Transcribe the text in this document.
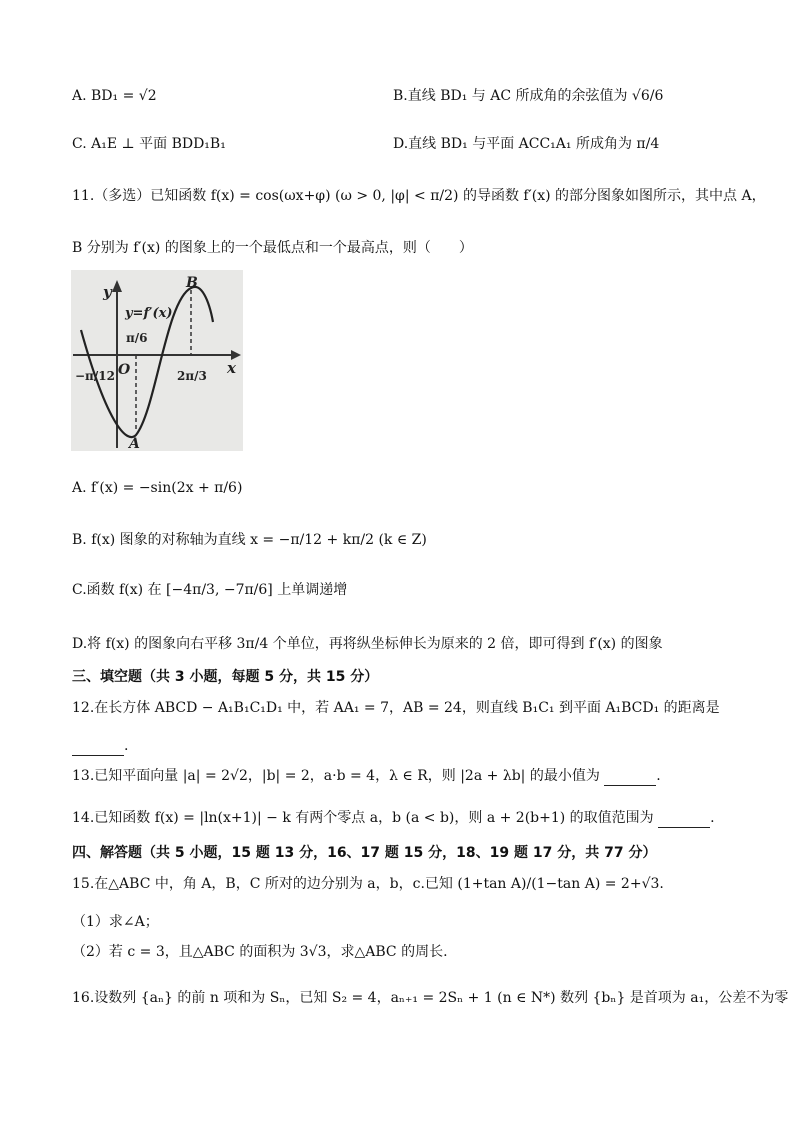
A. BD₁ = √2	B.直线 BD₁ 与 AC 所成角的余弦值为 √6/6
C. A₁E ⊥ 平面 BDD₁B₁	D.直线 BD₁ 与平面 ACC₁A₁ 所成角为 π/4
11.（多选）已知函数 f(x) = cos(ωx+φ) (ω > 0, |φ| < π/2) 的导函数 f′(x) 的部分图象如图所示，其中点 A，
B 分别为 f′(x) 的图象上的一个最低点和一个最高点，则（　　）
y
x
y=f′(x)
O
A
B
−π/12
π/6
2π/3
A. f′(x) = −sin(2x + π/6)
B. f(x) 图象的对称轴为直线 x = −π/12 + kπ/2 (k ∈ Z)
C.函数 f(x) 在 [−4π/3, −7π/6] 上单调递增
D.将 f(x) 的图象向右平移 3π/4 个单位，再将纵坐标伸长为原来的 2 倍，即可得到 f′(x) 的图象
三、填空题（共 3 小题，每题 5 分，共 15 分）
12.在长方体 ABCD − A₁B₁C₁D₁ 中，若 AA₁ = 7，AB = 24，则直线 B₁C₁ 到平面 A₁BCD₁ 的距离是
.
13.已知平面向量 |a| = 2√2，|b| = 2，a·b = 4，λ ∈ R，则 |2a + λb| 的最小值为	.
14.已知函数 f(x) = |ln(x+1)| − k 有两个零点 a，b (a < b)，则 a + 2(b+1) 的取值范围为	.
四、解答题（共 5 小题，15 题 13 分，16、17 题 15 分，18、19 题 17 分，共 77 分）
15.在△ABC 中，角 A，B，C 所对的边分别为 a，b，c.已知 (1+tan A)/(1−tan A) = 2+√3.
（1）求∠A；
（2）若 c = 3，且△ABC 的面积为 3√3，求△ABC 的周长.
16.设数列 {aₙ} 的前 n 项和为 Sₙ，已知 S₂ = 4，aₙ₊₁ = 2Sₙ + 1 (n ∈ N*) 数列 {bₙ} 是首项为 a₁，公差不为零
